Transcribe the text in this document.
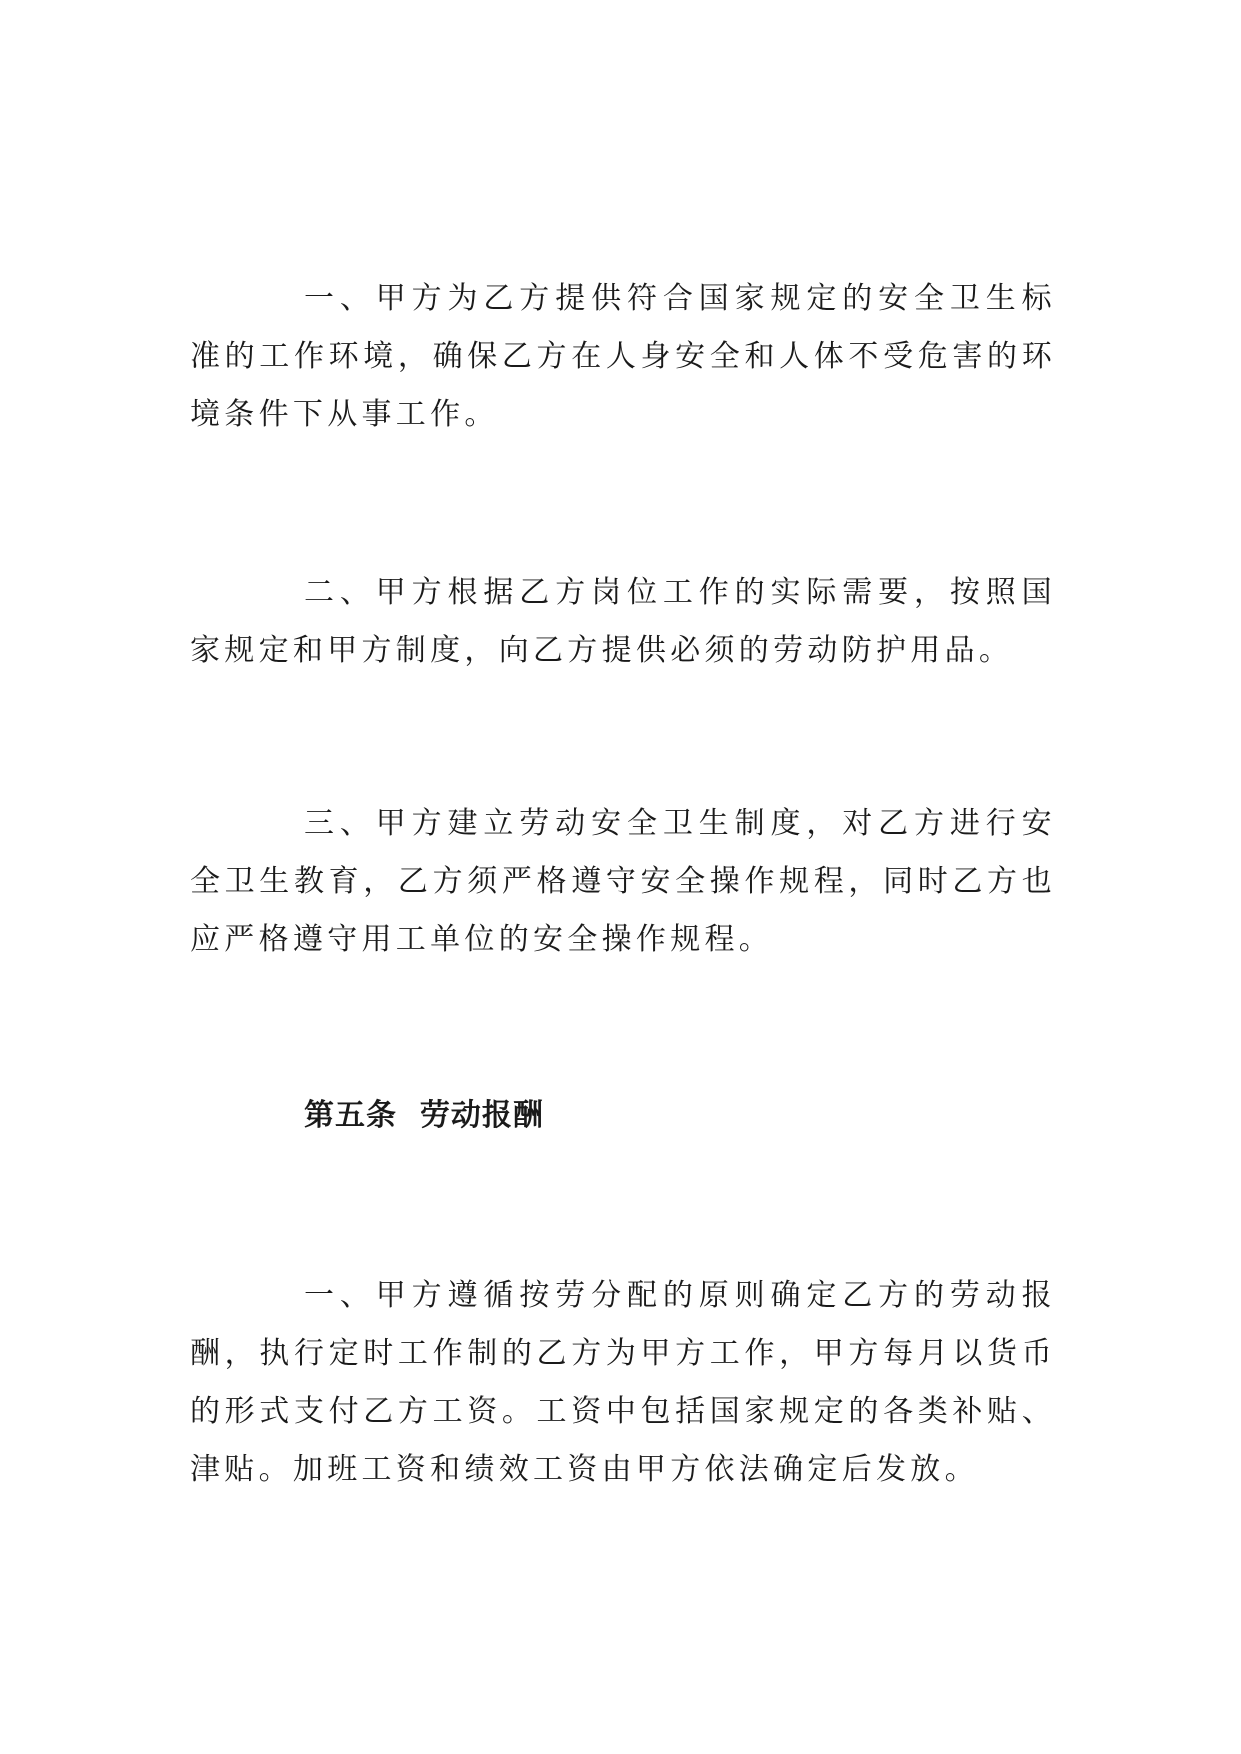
一、甲方为乙方提供符合国家规定的安全卫生标准的工作环境，确保乙方在人身安全和人体不受危害的环境条件下从事工作。

二、甲方根据乙方岗位工作的实际需要，按照国家规定和甲方制度，向乙方提供必须的劳动防护用品。

三、甲方建立劳动安全卫生制度，对乙方进行安全卫生教育，乙方须严格遵守安全操作规程，同时乙方也应严格遵守用工单位的安全操作规程。

第五条  劳动报酬

一、甲方遵循按劳分配的原则确定乙方的劳动报酬，执行定时工作制的乙方为甲方工作，甲方每月以货币的形式支付乙方工资。工资中包括国家规定的各类补贴、津贴。加班工资和绩效工资由甲方依法确定后发放。
